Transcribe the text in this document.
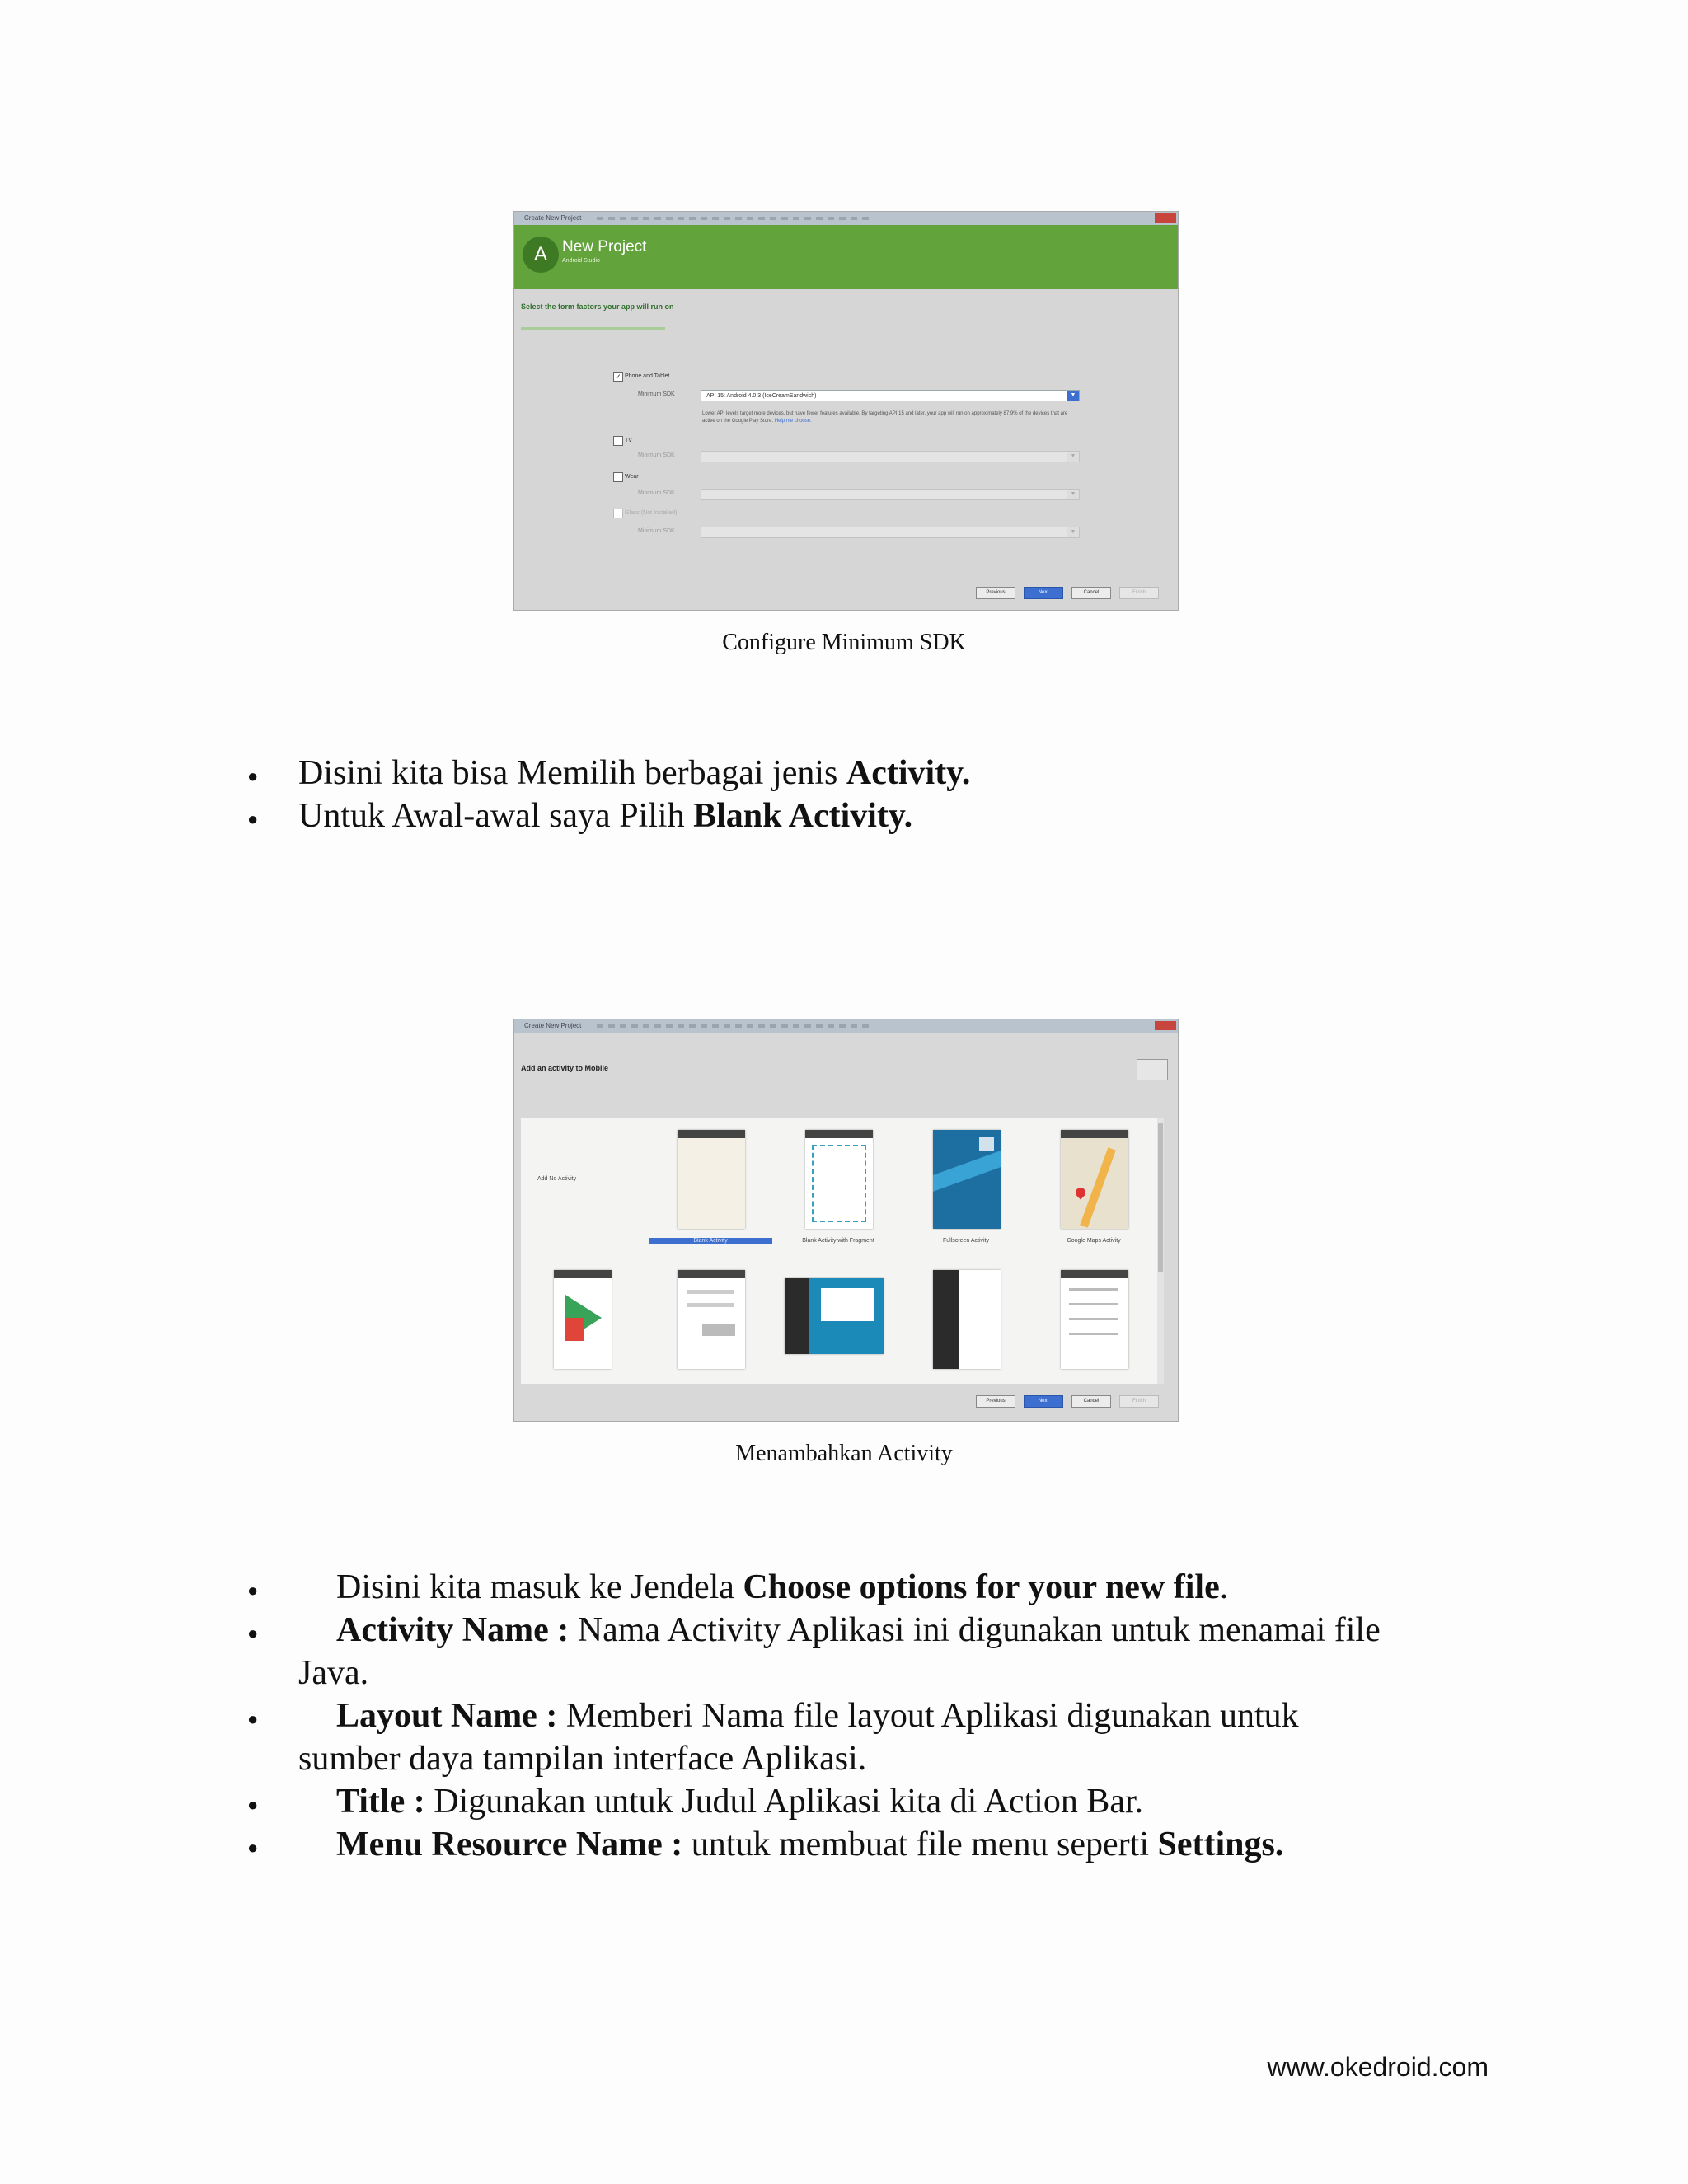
Create New Project
A New Project
Android Studio
Select the form factors your app will run on
✓ Phone and Tablet
Minimum SDK	API 15: Android 4.0.3 (IceCreamSandwich)	▼
Lower API levels target more devices, but have fewer features available. By targeting API 15 and later, your app will run on approximately 87.9% of the devices that are active on the Google Play Store. Help me choose.
TV
Minimum SDK	▼
Wear
Minimum SDK	▼
Glass (Not Installed)
Minimum SDK	▼
Previous	Next	Cancel	Finish
Configure Minimum SDK
● Disini kita bisa Memilih berbagai jenis Activity.
● Untuk Awal-awal saya Pilih Blank Activity.
Create New Project
Add an activity to Mobile
Add No Activity
Blank Activity	Blank Activity with Fragment	Fullscreen Activity	Google Maps Activity
Previous	Next	Cancel	Finish
Menambahkan Activity
● Disini kita masuk ke Jendela Choose options for your new file.
● Activity Name : Nama Activity Aplikasi ini digunakan untuk menamai file
Java.
● Layout Name : Memberi Nama file layout Aplikasi digunakan untuk
sumber daya tampilan interface Aplikasi.
● Title : Digunakan untuk Judul Aplikasi kita di Action Bar.
● Menu Resource Name : untuk membuat file menu seperti Settings.
www.okedroid.com
